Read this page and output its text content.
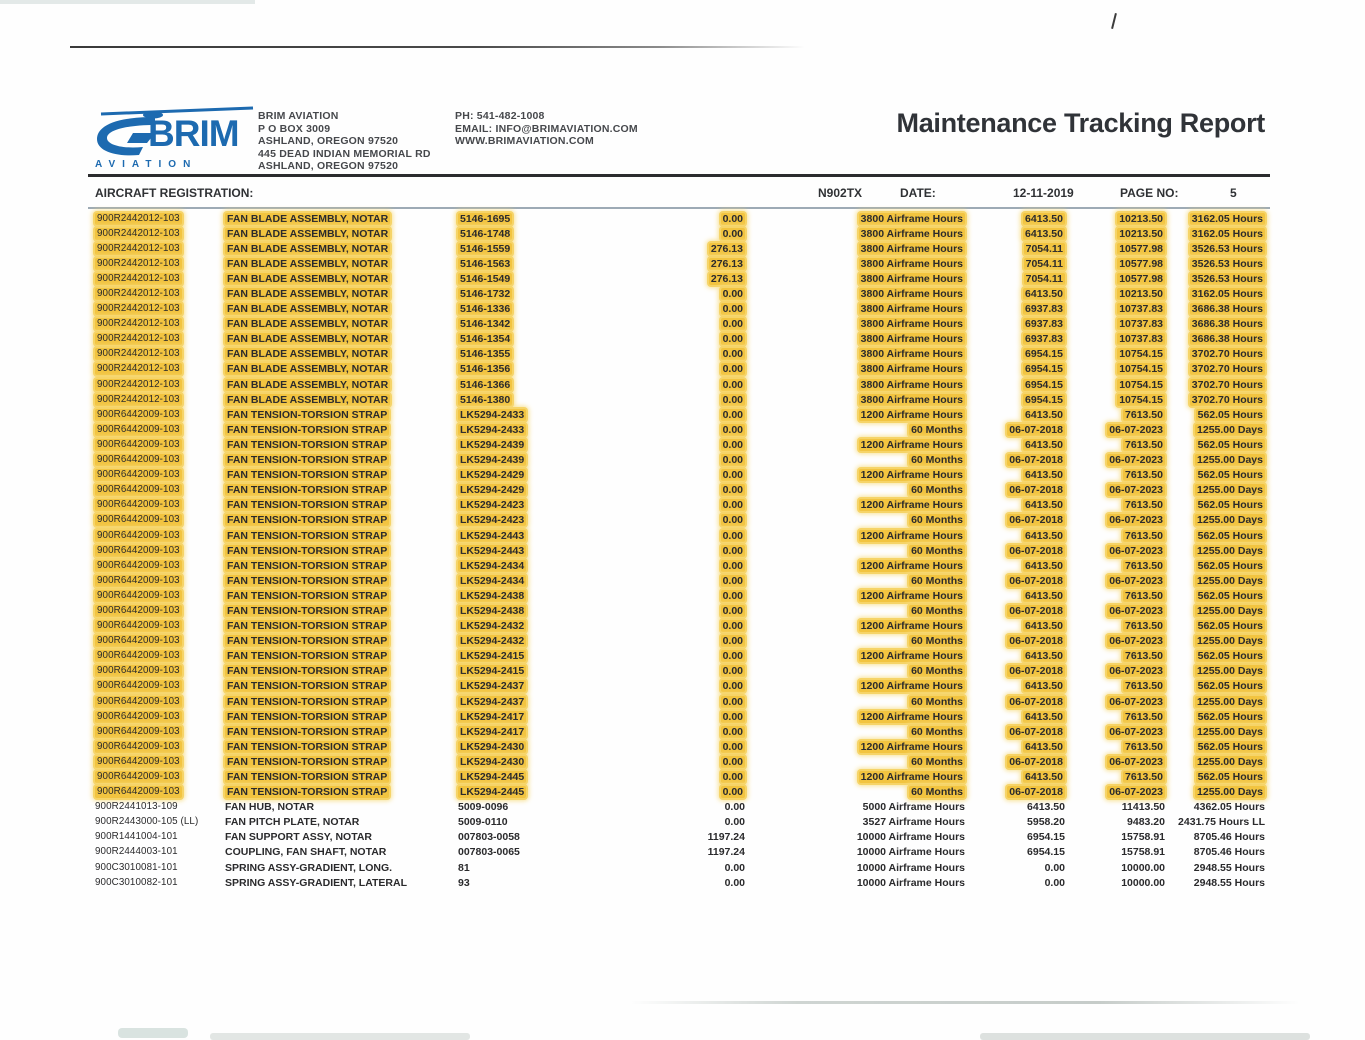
BRIM
AVIATION
BRIM AVIATION
P O BOX 3009
ASHLAND, OREGON 97520
445 DEAD INDIAN MEMORIAL RD
ASHLAND, OREGON 97520
PH: 541-482-1008
EMAIL: INFO@BRIMAVIATION.COM
WWW.BRIMAVIATION.COM
Maintenance Tracking Report
AIRCRAFT REGISTRATION:	N902TX	DATE:	12-11-2019	PAGE NO:	5
900R2442012-103	FAN BLADE ASSEMBLY, NOTAR	5146-1695	0.00	3800 Airframe Hours	6413.50	10213.50	3162.05 Hours
900R2442012-103	FAN BLADE ASSEMBLY, NOTAR	5146-1748	0.00	3800 Airframe Hours	6413.50	10213.50	3162.05 Hours
900R2442012-103	FAN BLADE ASSEMBLY, NOTAR	5146-1559	276.13	3800 Airframe Hours	7054.11	10577.98	3526.53 Hours
900R2442012-103	FAN BLADE ASSEMBLY, NOTAR	5146-1563	276.13	3800 Airframe Hours	7054.11	10577.98	3526.53 Hours
900R2442012-103	FAN BLADE ASSEMBLY, NOTAR	5146-1549	276.13	3800 Airframe Hours	7054.11	10577.98	3526.53 Hours
900R2442012-103	FAN BLADE ASSEMBLY, NOTAR	5146-1732	0.00	3800 Airframe Hours	6413.50	10213.50	3162.05 Hours
900R2442012-103	FAN BLADE ASSEMBLY, NOTAR	5146-1336	0.00	3800 Airframe Hours	6937.83	10737.83	3686.38 Hours
900R2442012-103	FAN BLADE ASSEMBLY, NOTAR	5146-1342	0.00	3800 Airframe Hours	6937.83	10737.83	3686.38 Hours
900R2442012-103	FAN BLADE ASSEMBLY, NOTAR	5146-1354	0.00	3800 Airframe Hours	6937.83	10737.83	3686.38 Hours
900R2442012-103	FAN BLADE ASSEMBLY, NOTAR	5146-1355	0.00	3800 Airframe Hours	6954.15	10754.15	3702.70 Hours
900R2442012-103	FAN BLADE ASSEMBLY, NOTAR	5146-1356	0.00	3800 Airframe Hours	6954.15	10754.15	3702.70 Hours
900R2442012-103	FAN BLADE ASSEMBLY, NOTAR	5146-1366	0.00	3800 Airframe Hours	6954.15	10754.15	3702.70 Hours
900R2442012-103	FAN BLADE ASSEMBLY, NOTAR	5146-1380	0.00	3800 Airframe Hours	6954.15	10754.15	3702.70 Hours
900R6442009-103	FAN TENSION-TORSION STRAP	LK5294-2433	0.00	1200 Airframe Hours	6413.50	7613.50	562.05 Hours
900R6442009-103	FAN TENSION-TORSION STRAP	LK5294-2433	0.00	60 Months	06-07-2018	06-07-2023	1255.00 Days
900R6442009-103	FAN TENSION-TORSION STRAP	LK5294-2439	0.00	1200 Airframe Hours	6413.50	7613.50	562.05 Hours
900R6442009-103	FAN TENSION-TORSION STRAP	LK5294-2439	0.00	60 Months	06-07-2018	06-07-2023	1255.00 Days
900R6442009-103	FAN TENSION-TORSION STRAP	LK5294-2429	0.00	1200 Airframe Hours	6413.50	7613.50	562.05 Hours
900R6442009-103	FAN TENSION-TORSION STRAP	LK5294-2429	0.00	60 Months	06-07-2018	06-07-2023	1255.00 Days
900R6442009-103	FAN TENSION-TORSION STRAP	LK5294-2423	0.00	1200 Airframe Hours	6413.50	7613.50	562.05 Hours
900R6442009-103	FAN TENSION-TORSION STRAP	LK5294-2423	0.00	60 Months	06-07-2018	06-07-2023	1255.00 Days
900R6442009-103	FAN TENSION-TORSION STRAP	LK5294-2443	0.00	1200 Airframe Hours	6413.50	7613.50	562.05 Hours
900R6442009-103	FAN TENSION-TORSION STRAP	LK5294-2443	0.00	60 Months	06-07-2018	06-07-2023	1255.00 Days
900R6442009-103	FAN TENSION-TORSION STRAP	LK5294-2434	0.00	1200 Airframe Hours	6413.50	7613.50	562.05 Hours
900R6442009-103	FAN TENSION-TORSION STRAP	LK5294-2434	0.00	60 Months	06-07-2018	06-07-2023	1255.00 Days
900R6442009-103	FAN TENSION-TORSION STRAP	LK5294-2438	0.00	1200 Airframe Hours	6413.50	7613.50	562.05 Hours
900R6442009-103	FAN TENSION-TORSION STRAP	LK5294-2438	0.00	60 Months	06-07-2018	06-07-2023	1255.00 Days
900R6442009-103	FAN TENSION-TORSION STRAP	LK5294-2432	0.00	1200 Airframe Hours	6413.50	7613.50	562.05 Hours
900R6442009-103	FAN TENSION-TORSION STRAP	LK5294-2432	0.00	60 Months	06-07-2018	06-07-2023	1255.00 Days
900R6442009-103	FAN TENSION-TORSION STRAP	LK5294-2415	0.00	1200 Airframe Hours	6413.50	7613.50	562.05 Hours
900R6442009-103	FAN TENSION-TORSION STRAP	LK5294-2415	0.00	60 Months	06-07-2018	06-07-2023	1255.00 Days
900R6442009-103	FAN TENSION-TORSION STRAP	LK5294-2437	0.00	1200 Airframe Hours	6413.50	7613.50	562.05 Hours
900R6442009-103	FAN TENSION-TORSION STRAP	LK5294-2437	0.00	60 Months	06-07-2018	06-07-2023	1255.00 Days
900R6442009-103	FAN TENSION-TORSION STRAP	LK5294-2417	0.00	1200 Airframe Hours	6413.50	7613.50	562.05 Hours
900R6442009-103	FAN TENSION-TORSION STRAP	LK5294-2417	0.00	60 Months	06-07-2018	06-07-2023	1255.00 Days
900R6442009-103	FAN TENSION-TORSION STRAP	LK5294-2430	0.00	1200 Airframe Hours	6413.50	7613.50	562.05 Hours
900R6442009-103	FAN TENSION-TORSION STRAP	LK5294-2430	0.00	60 Months	06-07-2018	06-07-2023	1255.00 Days
900R6442009-103	FAN TENSION-TORSION STRAP	LK5294-2445	0.00	1200 Airframe Hours	6413.50	7613.50	562.05 Hours
900R6442009-103	FAN TENSION-TORSION STRAP	LK5294-2445	0.00	60 Months	06-07-2018	06-07-2023	1255.00 Days
900R2441013-109	FAN HUB, NOTAR	5009-0096	0.00	5000 Airframe Hours	6413.50	11413.50	4362.05 Hours
900R2443000-105 (LL)	FAN PITCH PLATE, NOTAR	5009-0110	0.00	3527 Airframe Hours	5958.20	9483.20	2431.75 Hours LL
900R1441004-101	FAN SUPPORT ASSY, NOTAR	007803-0058	1197.24	10000 Airframe Hours	6954.15	15758.91	8705.46 Hours
900R2444003-101	COUPLING, FAN SHAFT, NOTAR	007803-0065	1197.24	10000 Airframe Hours	6954.15	15758.91	8705.46 Hours
900C3010081-101	SPRING ASSY-GRADIENT, LONG.	81	0.00	10000 Airframe Hours	0.00	10000.00	2948.55 Hours
900C3010082-101	SPRING ASSY-GRADIENT, LATERAL	93	0.00	10000 Airframe Hours	0.00	10000.00	2948.55 Hours
